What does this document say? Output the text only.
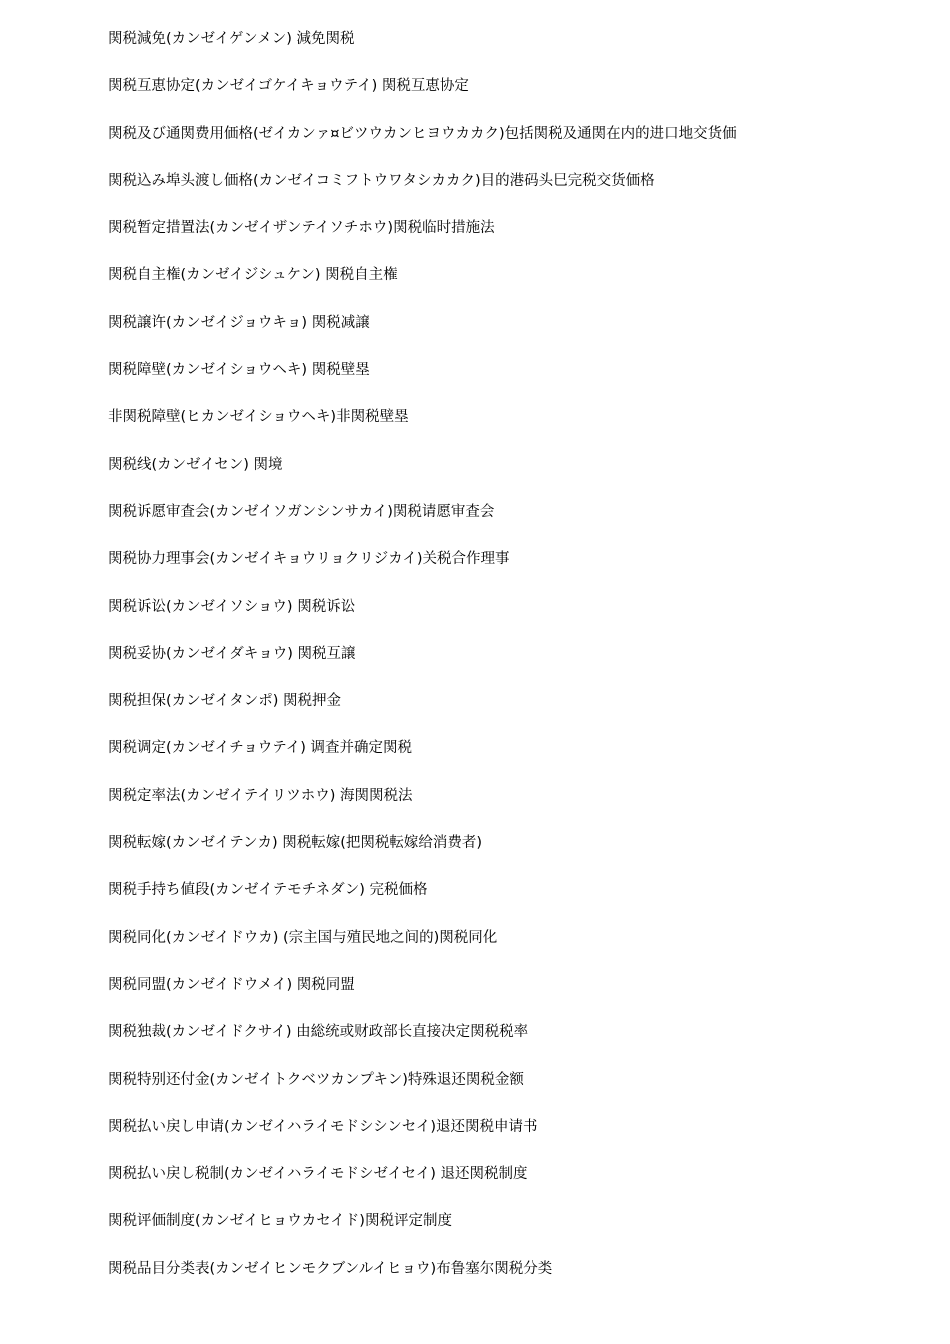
関税減免(カンゼイゲンメン) 減免関税
関税互恵协定(カンゼイゴケイキョウテイ) 関税互恵协定
関税及び通関费用価格(ゼイカンァ¤ビツウカンヒヨウカカク)包括関税及通関在内的进口地交货価
関税込み埠头渡し価格(カンゼイコミフトウワタシカカク)目的港码头巳完税交货価格
関税暂定措置法(カンゼイザンテイソチホウ)関税临时措施法
関税自主権(カンゼイジシュケン) 関税自主権
関税譲许(カンゼイジョウキョ) 関税减譲
関税障壁(カンゼイショウヘキ) 関税壁塁
非関税障壁(ヒカンゼイショウヘキ)非関税壁塁
関税线(カンゼイセン) 関境
関税诉愿审査会(カンゼイソガンシンサカイ)関税请愿审査会
関税协力理事会(カンゼイキョウリョクリジカイ)关税合作理事
関税诉讼(カンゼイソショウ) 関税诉讼
関税妥协(カンゼイダキョウ) 関税互譲
関税担保(カンゼイタンポ) 関税押金
関税调定(カンゼイチョウテイ) 调査并确定関税
関税定率法(カンゼイテイリツホウ) 海関関税法
関税転嫁(カンゼイテンカ) 関税転嫁(把関税転嫁给消费者)
関税手持ち値段(カンゼイテモチネダン) 完税価格
関税同化(カンゼイドウカ) (宗主国与殖民地之间的)関税同化
関税同盟(カンゼイドウメイ) 関税同盟
関税独裁(カンゼイドクサイ) 由総统或财政部长直接决定関税税率
関税特别还付金(カンゼイトクベツカンプキン)特殊退还関税金额
関税払い戻し申请(カンゼイハライモドシシンセイ)退还関税申请书
関税払い戻し税制(カンゼイハライモドシゼイセイ) 退还関税制度
関税评価制度(カンゼイヒョウカセイド)関税评定制度
関税品目分类表(カンゼイヒンモクブンルイヒョウ)布鲁塞尔関税分类
